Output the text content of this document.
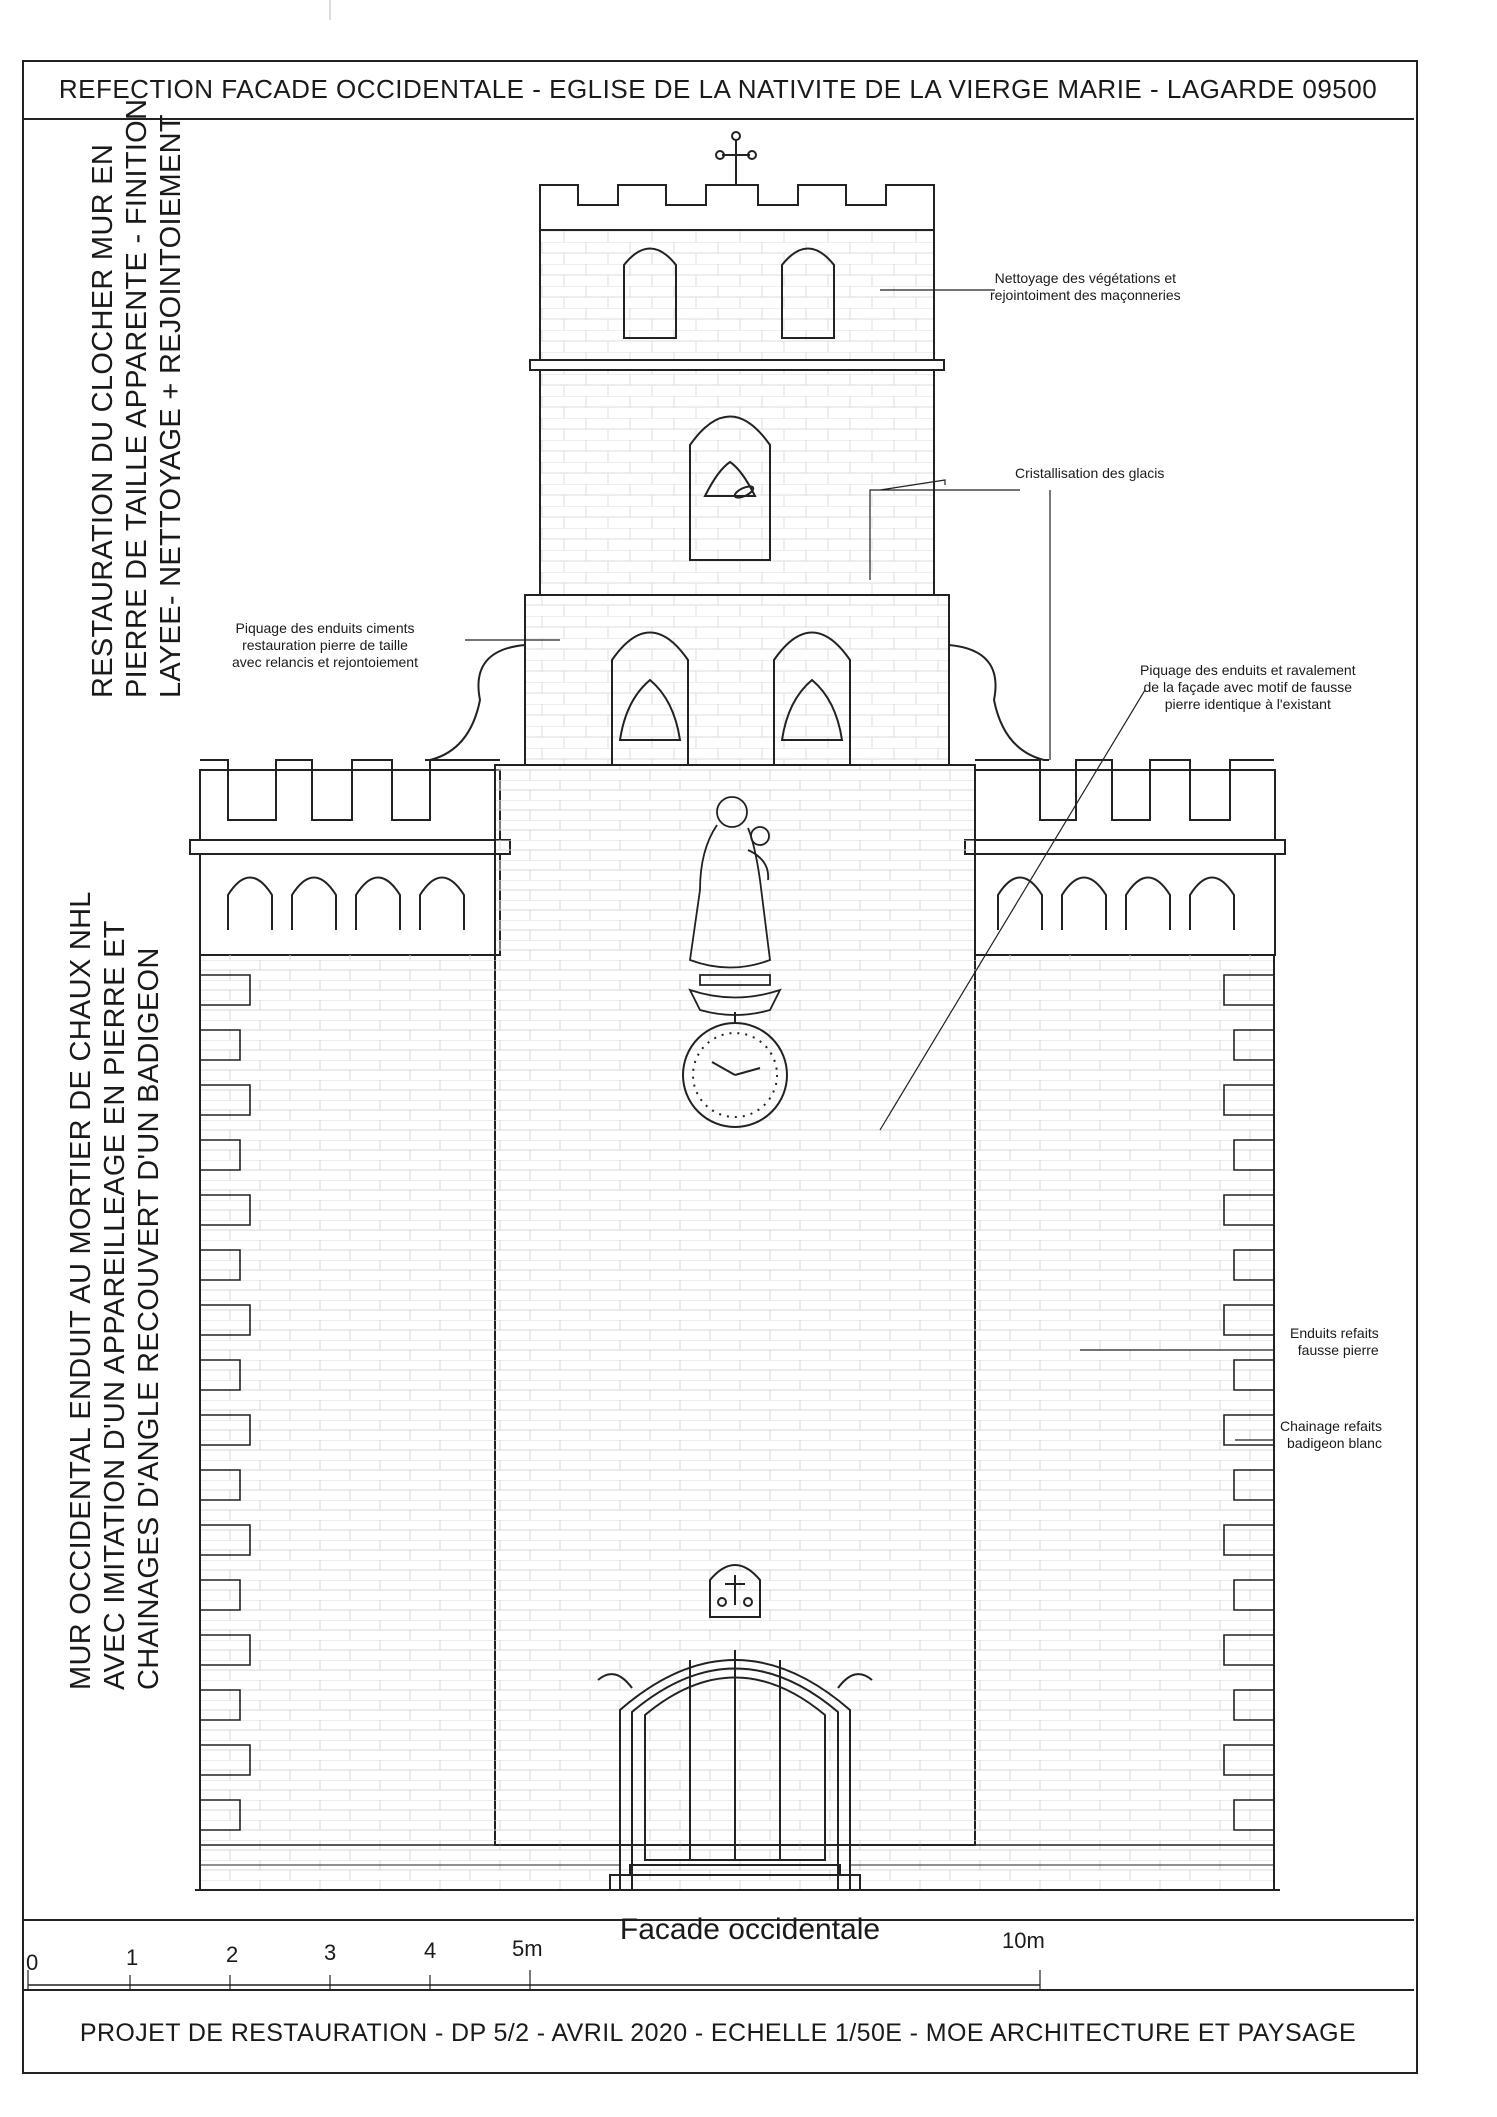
REFECTION FACADE OCCIDENTALE - EGLISE DE LA NATIVITE DE LA VIERGE MARIE - LAGARDE 09500
RESTAURATION DU CLOCHER MUR EN PIERRE DE TAILLE APPARENTE - FINITION LAYEE- NETTOYAGE + REJOINTOIEMENT
MUR OCCIDENTAL ENDUIT AU MORTIER DE CHAUX NHL AVEC IMITATION D'UN APPAREILLEAGE EN PIERRE ET CHAINAGES D'ANGLE RECOUVERT D'UN BADIGEON
Nettoyage des végétations et
rejointoiment des maçonneries
Cristallisation des glacis
Piquage des enduits ciments
restauration pierre de taille
avec relancis et rejontoiement	Piquage des enduits et ravalement
de la façade avec motif de fausse
pierre identique à l'existant
Enduits refaits
fausse pierre
Chainage refaits
badigeon blanc
Facade occidentale
0	1	2	3	4	5m	10m
PROJET DE RESTAURATION - DP 5/2 - AVRIL 2020 - ECHELLE 1/50E - MOE ARCHITECTURE ET PAYSAGE
